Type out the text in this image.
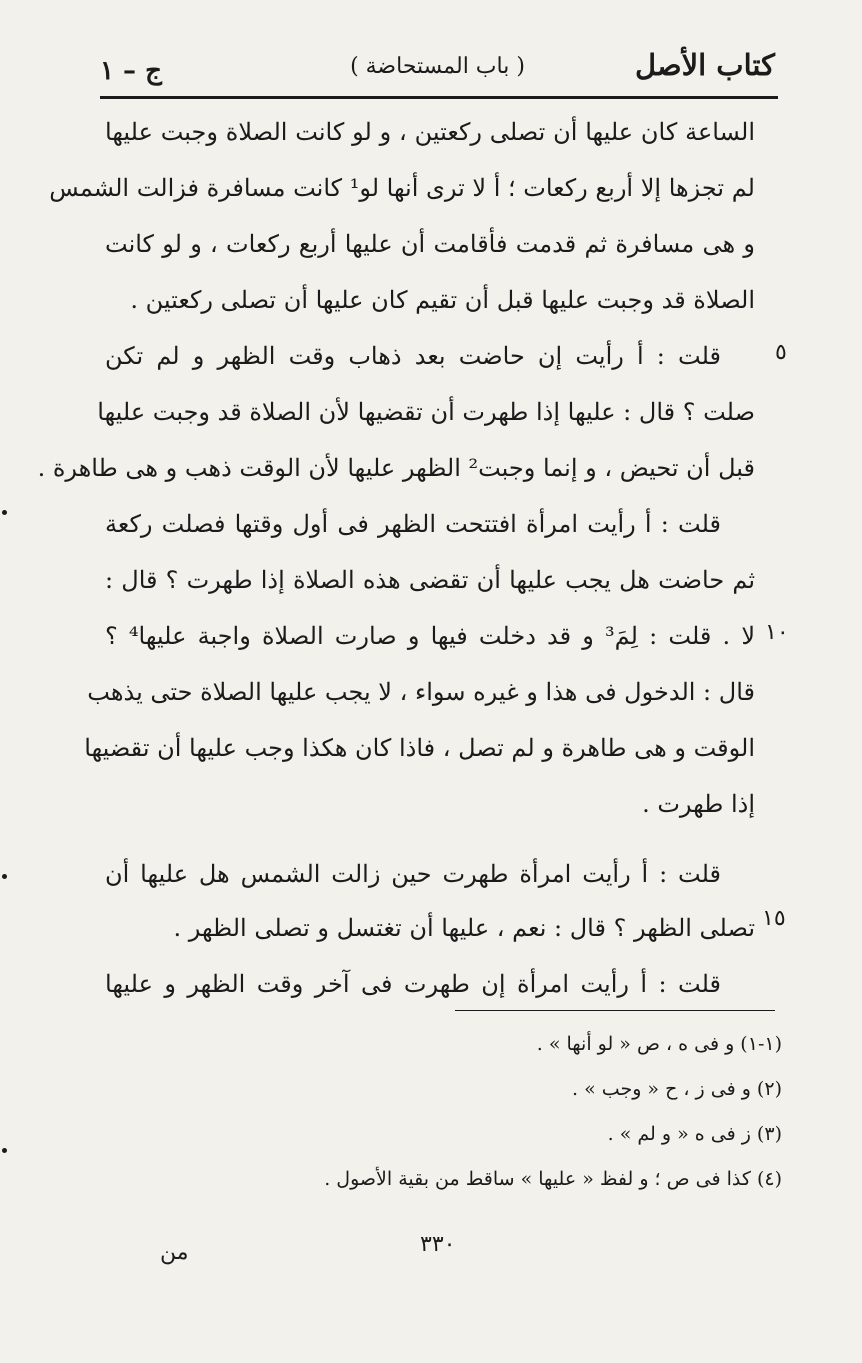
كتاب الأصل
( باب المستحاضة )
ج – ١
الساعة كان عليها أن تصلى ركعتين ، و لو كانت الصلاة وجبت عليها
لم تجزها إلا أربع ركعات ؛ أ لا ترى أنها لو¹ كانت مسافرة فزالت الشمس
و هى مسافرة ثم قدمت فأقامت أن عليها أربع ركعات ، و لو كانت
الصلاة قد وجبت عليها قبل أن تقيم كان عليها أن تصلى ركعتين .
قلت : أ رأيت إن حاضت بعد ذهاب وقت الظهر و لم تكن
صلت ؟ قال : عليها إذا طهرت أن تقضيها لأن الصلاة قد وجبت عليها
قبل أن تحيض ، و إنما وجبت² الظهر عليها لأن الوقت ذهب و هى طاهرة .
قلت : أ رأيت امرأة افتتحت الظهر فى أول وقتها فصلت ركعة
ثم حاضت هل يجب عليها أن تقضى هذه الصلاة إذا طهرت ؟ قال :
لا . قلت : لِمَ³ و قد دخلت فيها و صارت الصلاة واجبة عليها⁴ ؟
قال : الدخول فى هذا و غيره سواء ، لا يجب عليها الصلاة حتى يذهب
الوقت و هى طاهرة و لم تصل ، فاذا كان هكذا وجب عليها أن تقضيها
إذا طهرت .
قلت : أ رأيت امرأة طهرت حين زالت الشمس هل عليها أن
تصلى الظهر ؟ قال : نعم ، عليها أن تغتسل و تصلى الظهر .
قلت : أ رأيت امرأة إن طهرت فى آخر وقت الظهر و عليها
٥
١٠
١٥
(١-١) و فى ه ، ص « لو أنها » .
(٢) و فى ز ، ح « وجب » .
(٣) ز فى ه « و لم » .
(٤) كذا فى ص ؛ و لفظ « عليها » ساقط من بقية الأصول .
٣٣٠
من
